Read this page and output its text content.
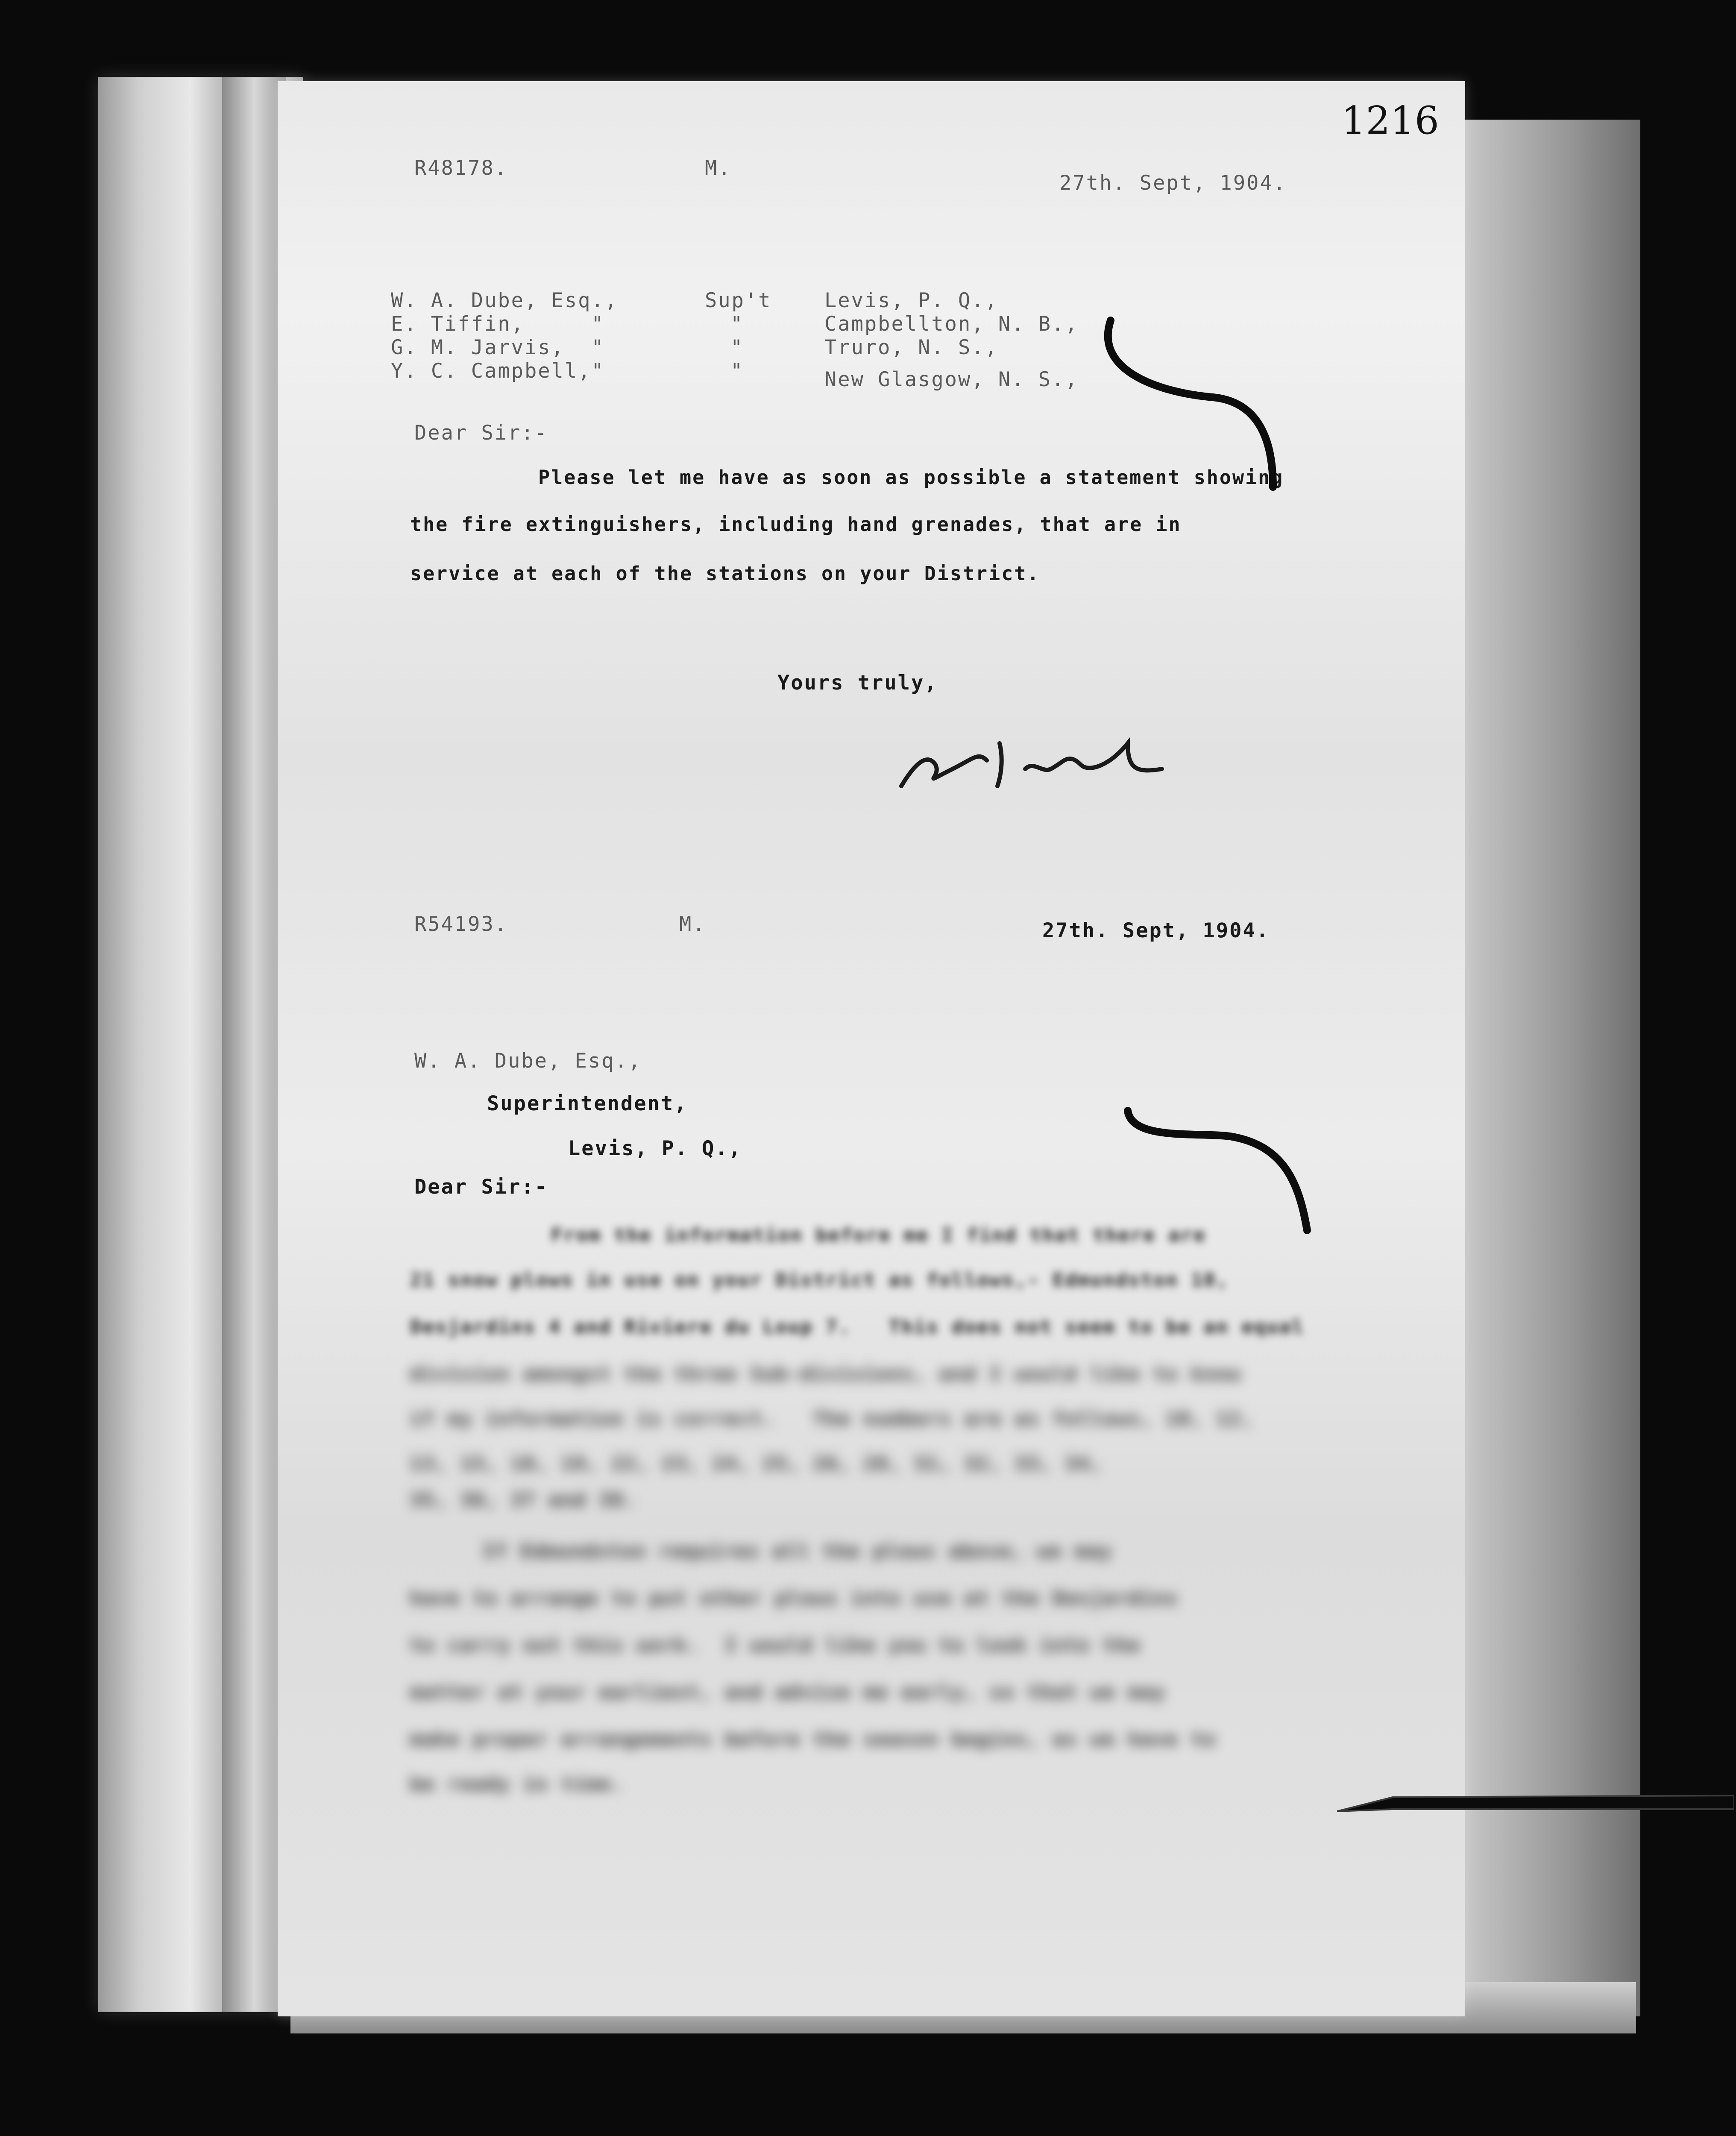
1216
R48178.	M.
27th. Sept, 1904.
W. A. Dube, Esq.,	Sup't	Levis, P. Q.,
E. Tiffin,     "	"	Campbellton, N. B.,
G. M. Jarvis,  "	"	Truro, N. S.,
Y. C. Campbell,"	"	New Glasgow, N. S.,
Dear Sir:-
Please let me have as soon as possible a statement showing
the fire extinguishers, including hand grenades, that are in
service at each of the stations on your District.
Yours truly,
R54193.	M.	27th. Sept, 1904.
W. A. Dube, Esq.,
Superintendent,
Levis, P. Q.,
Dear Sir:-
From the information before me I find that there are
21 snow plows in use on your District as follows,- Edmundston 10,
Desjardins 4 and Riviere du Loup 7.   This does not seem to be an equal
division amongst the three Sub-divisions, and I would like to know
if my information is correct.   The numbers are as follows, 10, 12,
13, 15, 18, 19, 22, 23, 24, 25, 26, 28, 31, 32, 33, 34,
35, 36, 37 and 38.
If Edmundston requires all the plows above, we may
have to arrange to put other plows into use at the Desjardins
to carry out this work.  I would like you to look into the
matter at your earliest, and advise me early, so that we may
make proper arrangements before the season begins, as we have to
be ready in time.
